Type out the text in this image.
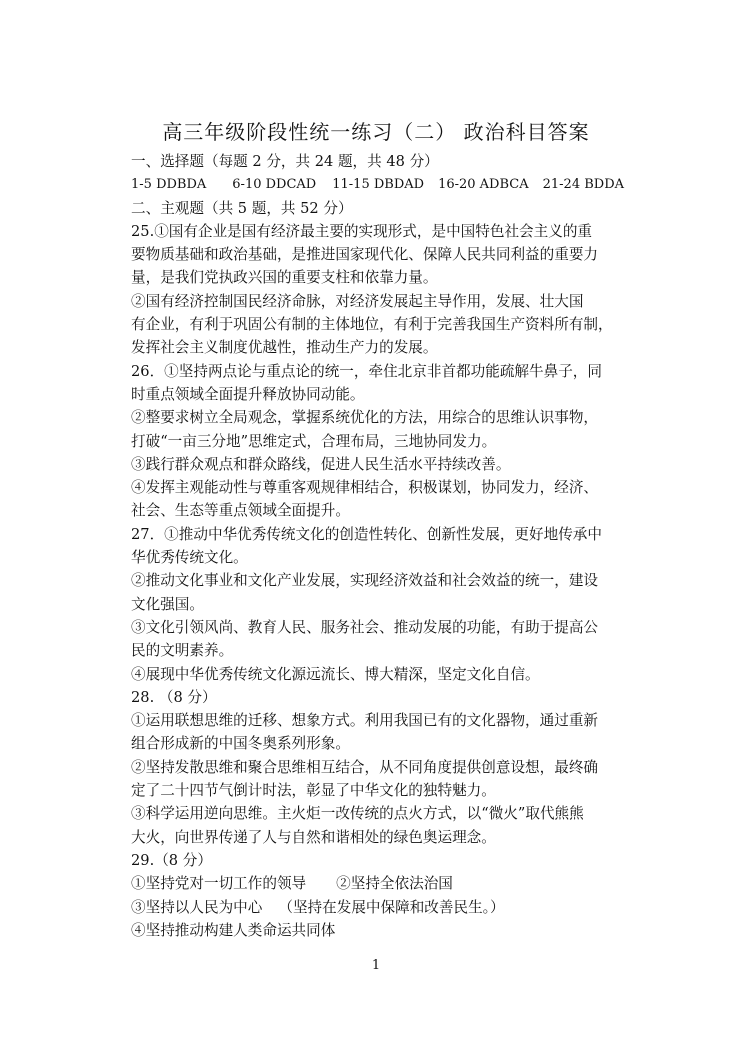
高三年级阶段性统一练习（二） 政治科目答案
一、选择题（每题 2 分，共 24 题，共 48 分）
1-5 DDBDA 6-10 DDCAD 11-15 DBDAD 16-20 ADBCA 21-24 BDDA
二、主观题（共 5 题，共 52 分）
25.①国有企业是国有经济最主要的实现形式，是中国特色社会主义的重
要物质基础和政治基础，是推进国家现代化、保障人民共同利益的重要力
量，是我们党执政兴国的重要支柱和依靠力量。
②国有经济控制国民经济命脉，对经济发展起主导作用，发展、壮大国
有企业，有利于巩固公有制的主体地位，有利于完善我国生产资料所有制，
发挥社会主义制度优越性，推动生产力的发展。
26．①坚持两点论与重点论的统一，牵住北京非首都功能疏解牛鼻子，同
时重点领域全面提升释放协同动能。
②整要求树立全局观念，掌握系统优化的方法，用综合的思维认识事物，
打破“一亩三分地”思维定式，合理布局，三地协同发力。
③践行群众观点和群众路线，促进人民生活水平持续改善。
④发挥主观能动性与尊重客观规律相结合，积极谋划，协同发力，经济、
社会、生态等重点领域全面提升。
27．①推动中华优秀传统文化的创造性转化、创新性发展，更好地传承中
华优秀传统文化。
②推动文化事业和文化产业发展，实现经济效益和社会效益的统一，建设
文化强国。
③文化引领风尚、教育人民、服务社会、推动发展的功能，有助于提高公
民的文明素养。
④展现中华优秀传统文化源远流长、博大精深，坚定文化自信。
28. （8 分）
①运用联想思维的迁移、想象方式。利用我国已有的文化器物，通过重新
组合形成新的中国冬奥系列形象。
②坚持发散思维和聚合思维相互结合，从不同角度提供创意设想，最终确
定了二十四节气倒计时法，彰显了中华文化的独特魅力。
③科学运用逆向思维。主火炬一改传统的点火方式，以“微火”取代熊熊
大火，向世界传递了人与自然和谐相处的绿色奥运理念。
29.（8 分）
①坚持党对一切工作的领导 ②坚持全依法治国
③坚持以人民为中心 （坚持在发展中保障和改善民生。）
④坚持推动构建人类命运共同体
1
